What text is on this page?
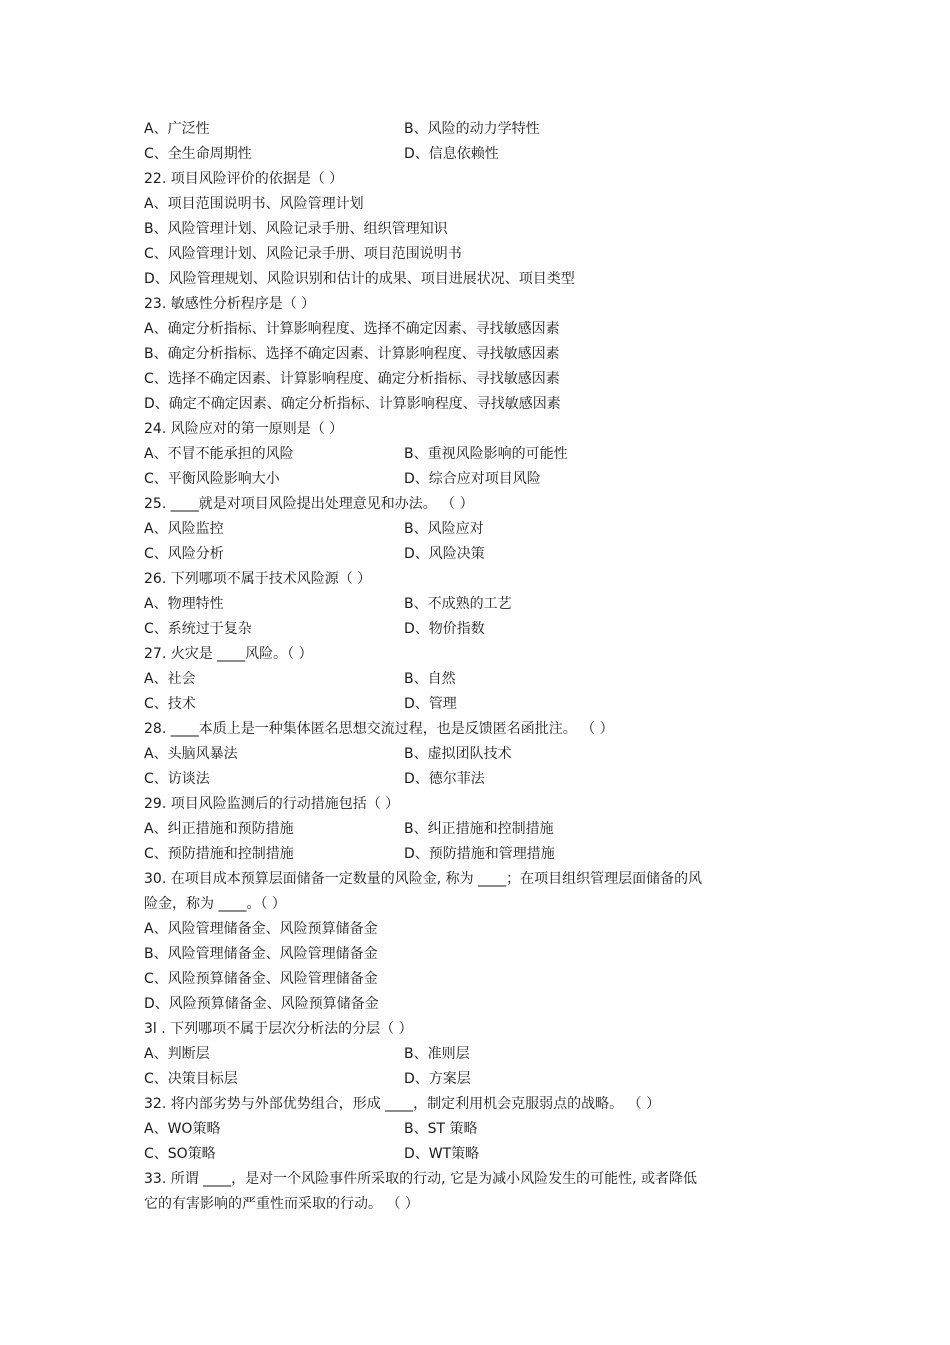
A、广泛性	B、风险的动力学特性
C、全生命周期性	D、信息依赖性
22. 项目风险评价的依据是（ ）
A、项目范围说明书、风险管理计划
B、风险管理计划、风险记录手册、组织管理知识
C、风险管理计划、风险记录手册、项目范围说明书
D、风险管理规划、风险识别和估计的成果、项目进展状况、项目类型
23. 敏感性分析程序是（ ）
A、确定分析指标、计算影响程度、选择不确定因素、寻找敏感因素
B、确定分析指标、选择不确定因素、计算影响程度、寻找敏感因素
C、选择不确定因素、计算影响程度、确定分析指标、寻找敏感因素
D、确定不确定因素、确定分析指标、计算影响程度、寻找敏感因素
24. 风险应对的第一原则是（ ）
A、不冒不能承担的风险	B、重视风险影响的可能性
C、平衡风险影响大小	D、综合应对项目风险
25. ____就是对项目风险提出处理意见和办法。 （ ）
A、风险监控	B、风险应对
C、风险分析	D、风险决策
26. 下列哪项不属于技术风险源（ ）
A、物理特性	B、不成熟的工艺
C、系统过于复杂	D、物价指数
27. 火灾是 ____风险。（ ）
A、社会	B、自然
C、技术	D、管理
28. ____本质上是一种集体匿名思想交流过程，也是反馈匿名函批注。 （ ）
A、头脑风暴法	B、虚拟团队技术
C、访谈法	D、德尔菲法
29. 项目风险监测后的行动措施包括（ ）
A、纠正措施和预防措施	B、纠正措施和控制措施
C、预防措施和控制措施	D、预防措施和管理措施
30. 在项目成本预算层面储备一定数量的风险金, 称为 ____；在项目组织管理层面储备的风
险金，称为 ____。（ ）
A、风险管理储备金、风险预算储备金
B、风险管理储备金、风险管理储备金
C、风险预算储备金、风险管理储备金
D、风险预算储备金、风险预算储备金
3l . 下列哪项不属于层次分析法的分层（ ）
A、判断层	B、准则层
C、决策目标层	D、方案层
32. 将内部劣势与外部优势组合，形成 ____，制定利用机会克服弱点的战略。 （ ）
A、WO策略	B、ST 策略
C、SO策略	D、WT策略
33. 所谓 ____，是对一个风险事件所采取的行动, 它是为减小风险发生的可能性, 或者降低
它的有害影响的严重性而采取的行动。 （ ）
